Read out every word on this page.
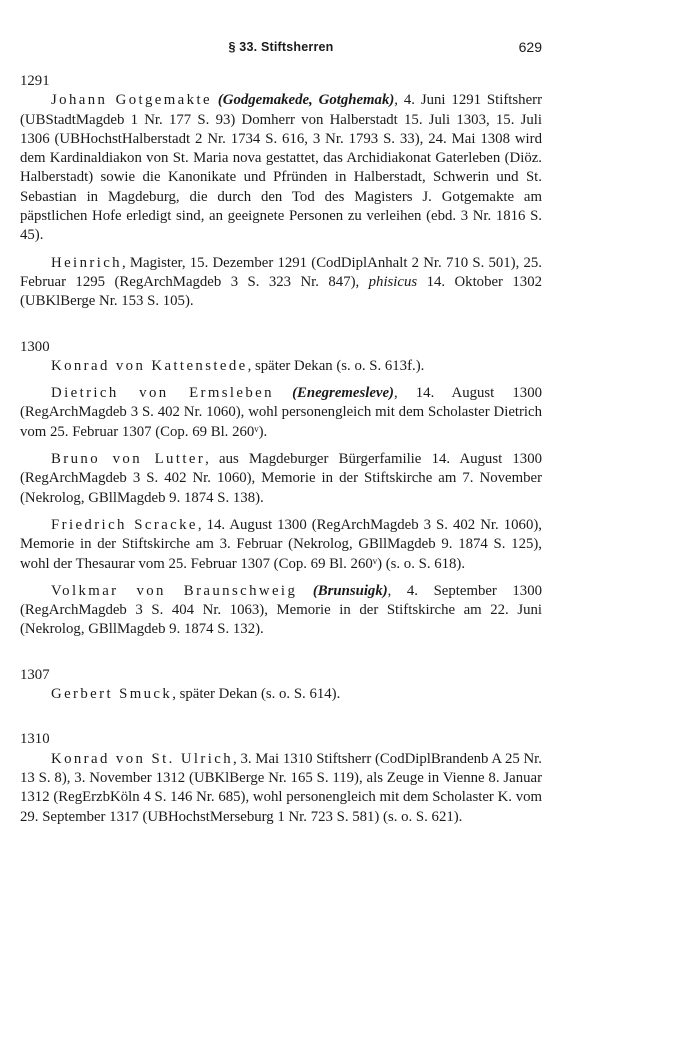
§ 33. Stiftsherren	629

1291

Johann Gotgemakte (Godgemakede, Gotghemak), 4. Juni 1291 Stiftsherr (UBStadtMagdeb 1 Nr. 177 S. 93) Domherr von Halberstadt 15. Juli 1303, 15. Juli 1306 (UBHochstHalberstadt 2 Nr. 1734 S. 616, 3 Nr. 1793 S. 33), 24. Mai 1308 wird dem Kardinaldiakon von St. Maria nova gestattet, das Archidiakonat Gaterleben (Diöz. Halberstadt) sowie die Kanonikate und Pfründen in Halberstadt, Schwerin und St. Sebastian in Magdeburg, die durch den Tod des Magisters J. Gotgemakte am päpstlichen Hofe erledigt sind, an geeignete Personen zu verleihen (ebd. 3 Nr. 1816 S. 45).

Heinrich, Magister, 15. Dezember 1291 (CodDiplAnhalt 2 Nr. 710 S. 501), 25. Februar 1295 (RegArchMagdeb 3 S. 323 Nr. 847), phisicus 14. Oktober 1302 (UBKlBerge Nr. 153 S. 105).

1300

Konrad von Kattenstede, später Dekan (s. o. S. 613f.).

Dietrich von Ermsleben (Enegremesleve), 14. August 1300 (RegArchMagdeb 3 S. 402 Nr. 1060), wohl personengleich mit dem Scholaster Dietrich vom 25. Februar 1307 (Cop. 69 Bl. 260ᵛ).

Bruno von Lutter, aus Magdeburger Bürgerfamilie 14. August 1300 (RegArchMagdeb 3 S. 402 Nr. 1060), Memorie in der Stiftskirche am 7. November (Nekrolog, GBllMagdeb 9. 1874 S. 138).

Friedrich Scracke, 14. August 1300 (RegArchMagdeb 3 S. 402 Nr. 1060), Memorie in der Stiftskirche am 3. Februar (Nekrolog, GBllMagdeb 9. 1874 S. 125), wohl der Thesaurar vom 25. Februar 1307 (Cop. 69 Bl. 260ᵛ) (s. o. S. 618).

Volkmar von Braunschweig (Brunsuigk), 4. September 1300 (RegArchMagdeb 3 S. 404 Nr. 1063), Memorie in der Stiftskirche am 22. Juni (Nekrolog, GBllMagdeb 9. 1874 S. 132).

1307

Gerbert Smuck, später Dekan (s. o. S. 614).

1310

Konrad von St. Ulrich, 3. Mai 1310 Stiftsherr (CodDiplBrandenb A 25 Nr. 13 S. 8), 3. November 1312 (UBKlBerge Nr. 165 S. 119), als Zeuge in Vienne 8. Januar 1312 (RegErzbKöln 4 S. 146 Nr. 685), wohl personengleich mit dem Scholaster K. vom 29. September 1317 (UBHochstMerseburg 1 Nr. 723 S. 581) (s. o. S. 621).
